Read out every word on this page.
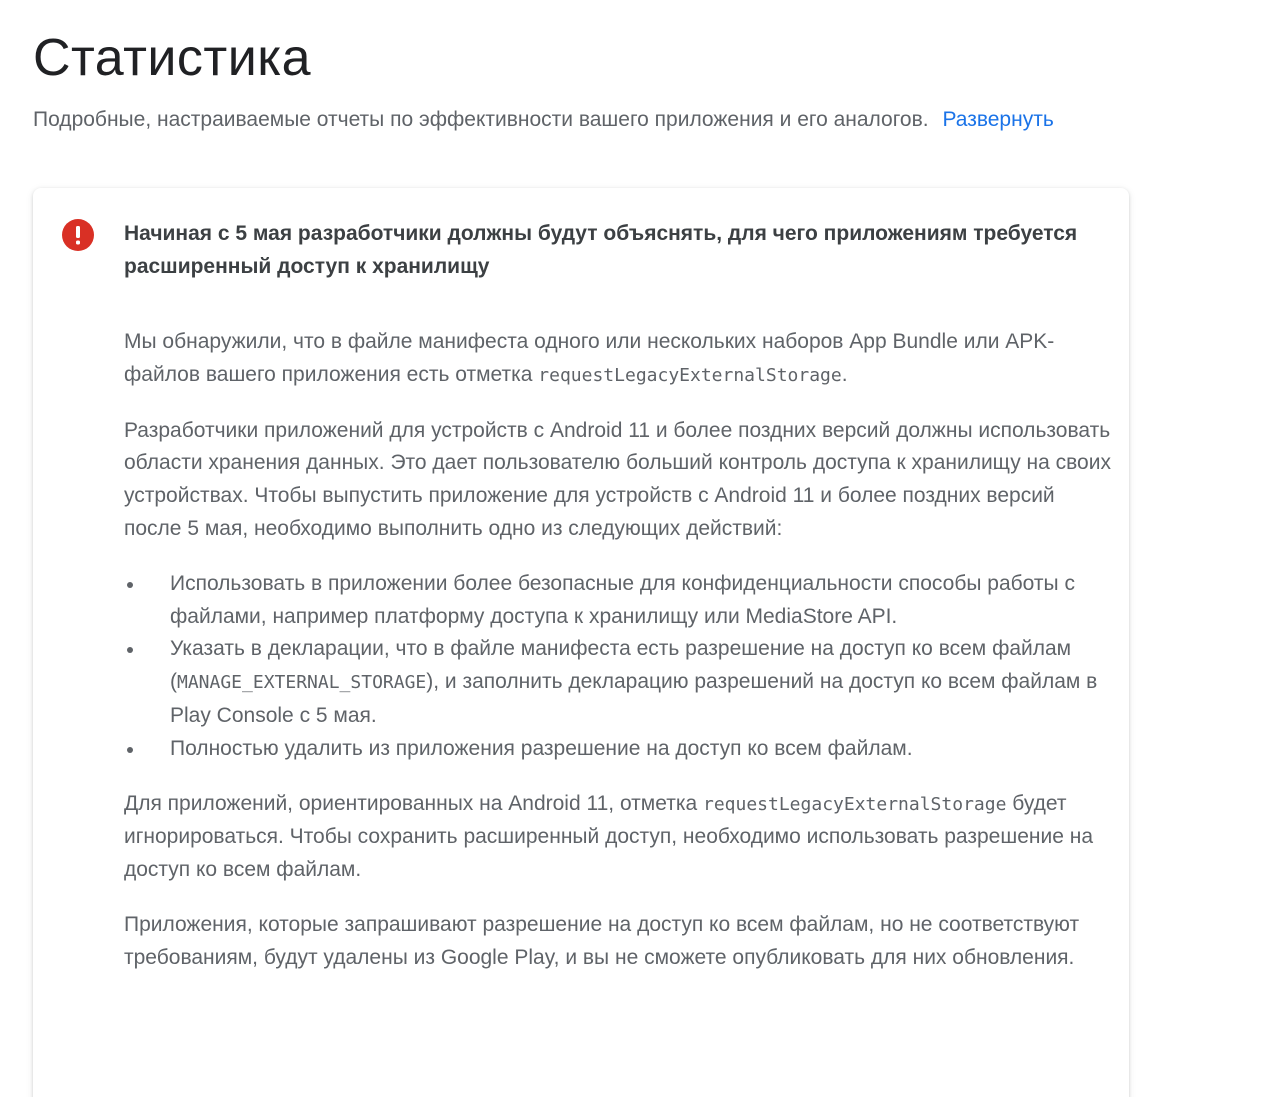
Статистика
Подробные, настраиваемые отчеты по эффективности вашего приложения и его аналогов. Развернуть

Начиная с 5 мая разработчики должны будут объяснять, для чего приложениям требуется расширенный доступ к хранилищу

Мы обнаружили, что в файле манифеста одного или нескольких наборов App Bundle или APK-файлов вашего приложения есть отметка requestLegacyExternalStorage.

Разработчики приложений для устройств с Android 11 и более поздних версий должны использовать области хранения данных. Это дает пользователю больший контроль доступа к хранилищу на своих устройствах. Чтобы выпустить приложение для устройств с Android 11 и более поздних версий после 5 мая, необходимо выполнить одно из следующих действий:

Использовать в приложении более безопасные для конфиденциальности способы работы с файлами, например платформу доступа к хранилищу или MediaStore API.
Указать в декларации, что в файле манифеста есть разрешение на доступ ко всем файлам (MANAGE_EXTERNAL_STORAGE), и заполнить декларацию разрешений на доступ ко всем файлам в Play Console с 5 мая.
Полностью удалить из приложения разрешение на доступ ко всем файлам.

Для приложений, ориентированных на Android 11, отметка requestLegacyExternalStorage будет игнорироваться. Чтобы сохранить расширенный доступ, необходимо использовать разрешение на доступ ко всем файлам.

Приложения, которые запрашивают разрешение на доступ ко всем файлам, но не соответствуют требованиям, будут удалены из Google Play, и вы не сможете опубликовать для них обновления.
